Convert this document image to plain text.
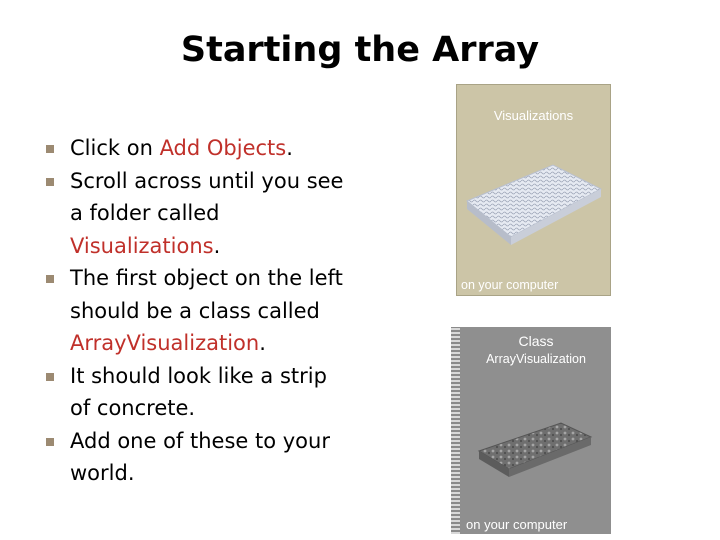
Starting the Array
Click on Add Objects.
Scroll across until you see a folder called Visualizations.
The first object on the left should be a class called ArrayVisualization.
It should look like a strip of concrete.
Add one of these to your world.
Visualizations
on your computer
Class
ArrayVisualization
on your computer
